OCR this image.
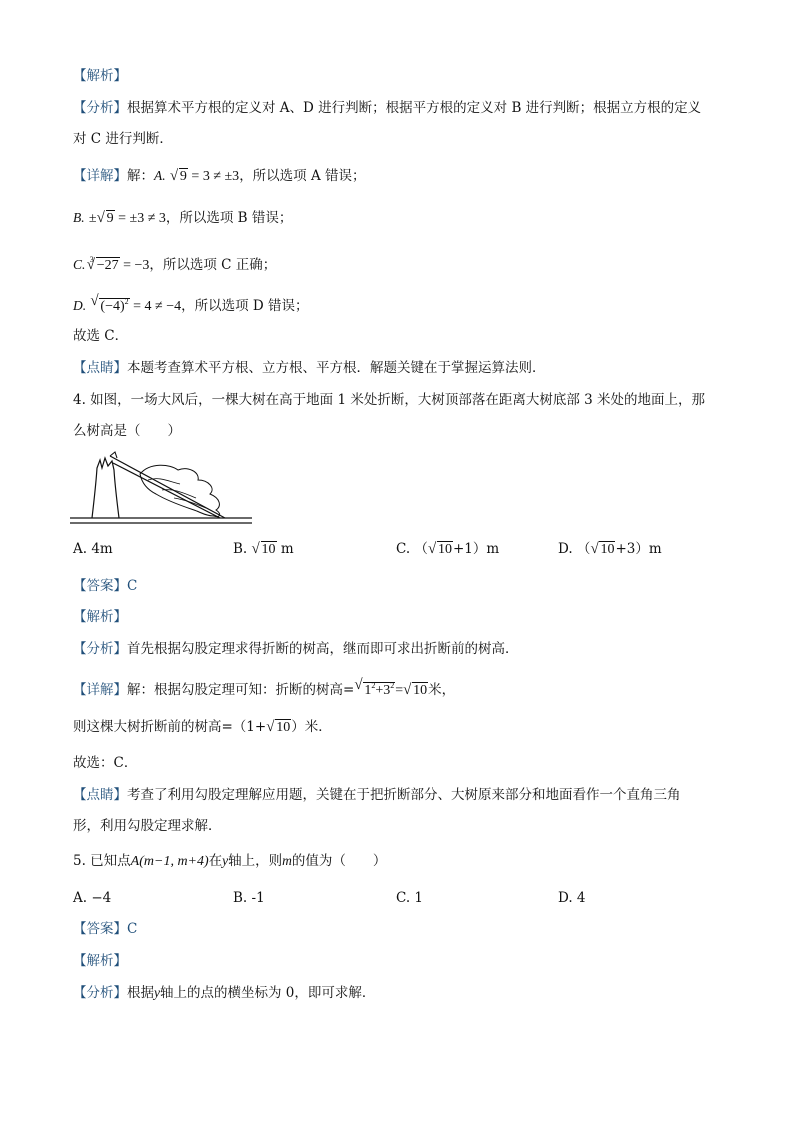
【解析】
【分析】根据算术平方根的定义对 A、D 进行判断；根据平方根的定义对 B 进行判断；根据立方根的定义
对 C 进行判断．
【详解】解：A. √ 9 = 3 ≠ ±3，所以选项 A 错误；
B. ±√ 9 = ±3 ≠ 3，所以选项 B 错误；
C. $^3$√ −27 = −3，所以选项 C 正确；
D. √ $(-4)^2 = 4 \ne -4$，所以选项 D 错误；
故选 C．
【点睛】本题考查算术平方根、立方根、平方根．解题关键在于掌握运算法则．
4. 如图，一场大风后，一棵大树在高于地面 1 米处折断，大树顶部落在距离大树底部 3 米处的地面上，那
么树高是（　　）
A. 4m	B. √ 10 m	C. （√ 10+1）m	D. （√ 10+3）m
【答案】C
【解析】
【分析】首先根据勾股定理求得折断的树高，继而即可求出折断前的树高．
【详解】解：根据勾股定理可知：折断的树高=√ $1^2+3^2=√$ 10米，
则这棵大树折断前的树高=（1+√ 10）米．
故选：C．
【点睛】考查了利用勾股定理解应用题，关键在于把折断部分、大树原来部分和地面看作一个直角三角
形，利用勾股定理求解．
5. 已知点A(m−1, m+4)在y轴上，则m的值为（　　）
A. −4	B. -1	C. 1	D. 4
【答案】C
【解析】
【分析】根据y轴上的点的横坐标为 0，即可求解．
